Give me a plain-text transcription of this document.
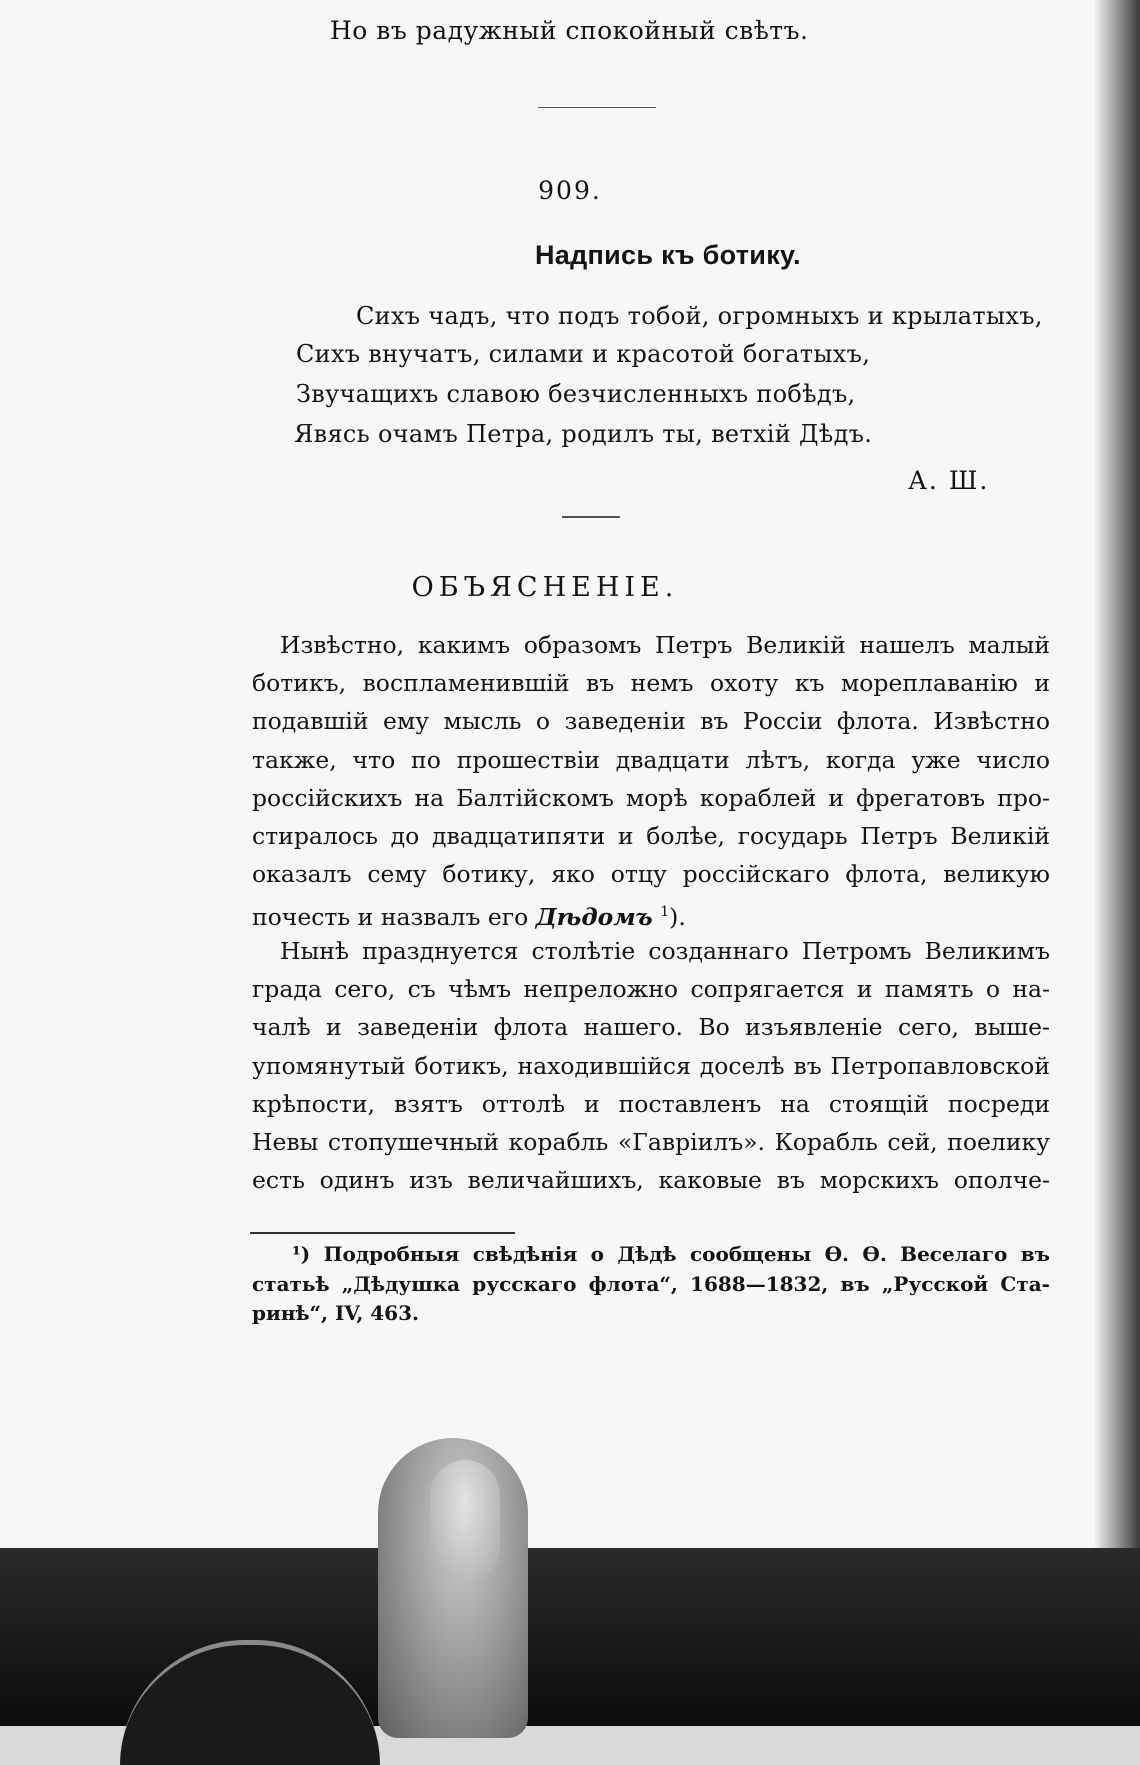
Но въ радужный спокойный свѣтъ.
909.
Надпись къ ботику.
Сихъ чадъ, что подъ тобой, огромныхъ и крылатыхъ,
Сихъ внучатъ, силами и красотой богатыхъ,
Звучащихъ славою безчисленныхъ побѣдъ,
Явясь очамъ Петра, родилъ ты, ветхій Дѣдъ.
А. Ш.
ОБЪЯСНЕНІЕ.
Извѣстно, какимъ образомъ Петръ Великій нашелъ малый
ботикъ, воспламенившій въ немъ охоту къ мореплаванію и
подавшій ему мысль о заведеніи въ Россіи флота. Извѣстно
также, что по прошествіи двадцати лѣтъ, когда уже число
россійскихъ на Балтійскомъ морѣ кораблей и фрегатовъ про-
стиралось до двадцатипяти и болѣе, государь Петръ Великій
оказалъ сему ботику, яко отцу россійскаго флота, великую
почесть и назвалъ его Дѣдомъ $^1$).
Нынѣ празднуется столѣтіе созданнаго Петромъ Великимъ
града сего, съ чѣмъ непреложно сопрягается и память о на-
чалѣ и заведеніи флота нашего. Во изъявленіе сего, выше-
упомянутый ботикъ, находившійся доселѣ въ Петропавловской
крѣпости, взятъ оттолѣ и поставленъ на стоящій посреди
Невы стопушечный корабль «Гавріилъ». Корабль сей, поелику
есть одинъ изъ величайшихъ, каковые въ морскихъ ополче-
¹) Подробныя свѣдѣнія о Дѣдѣ сообщены Ѳ. Ѳ. Веселаго въ
статьѣ „Дѣдушка русскаго флота“, 1688—1832, въ „Русской Ста-
ринѣ“, IV, 463.
